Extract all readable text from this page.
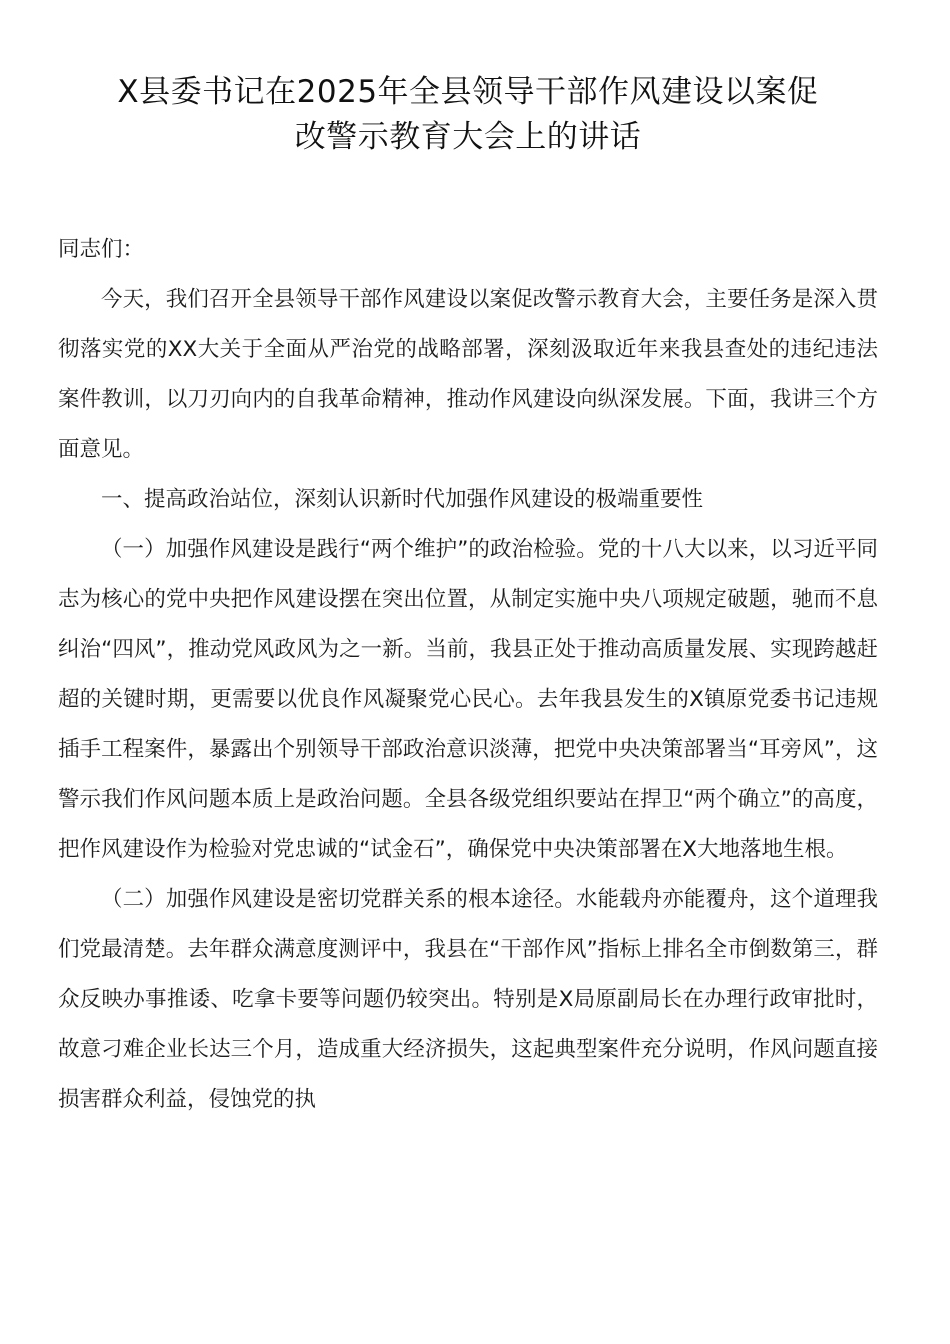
X县委书记在2025年全县领导干部作风建设以案促
改警示教育大会上的讲话

同志们：

今天，我们召开全县领导干部作风建设以案促改警示教育大会，主要任务是深入贯彻落实党的XX大关于全面从严治党的战略部署，深刻汲取近年来我县查处的违纪违法案件教训，以刀刃向内的自我革命精神，推动作风建设向纵深发展。下面，我讲三个方面意见。

一、提高政治站位，深刻认识新时代加强作风建设的极端重要性

（一）加强作风建设是践行“两个维护”的政治检验。党的十八大以来，以习近平同志为核心的党中央把作风建设摆在突出位置，从制定实施中央八项规定破题，驰而不息纠治“四风”，推动党风政风为之一新。当前，我县正处于推动高质量发展、实现跨越赶超的关键时期，更需要以优良作风凝聚党心民心。去年我县发生的X镇原党委书记违规插手工程案件，暴露出个别领导干部政治意识淡薄，把党中央决策部署当“耳旁风”，这警示我们作风问题本质上是政治问题。全县各级党组织要站在捍卫“两个确立”的高度，把作风建设作为检验对党忠诚的“试金石”，确保党中央决策部署在X大地落地生根。

（二）加强作风建设是密切党群关系的根本途径。水能载舟亦能覆舟，这个道理我们党最清楚。去年群众满意度测评中，我县在“干部作风”指标上排名全市倒数第三，群众反映办事推诿、吃拿卡要等问题仍较突出。特别是X局原副局长在办理行政审批时，故意刁难企业长达三个月，造成重大经济损失，这起典型案件充分说明，作风问题直接损害群众利益，侵蚀党的执
